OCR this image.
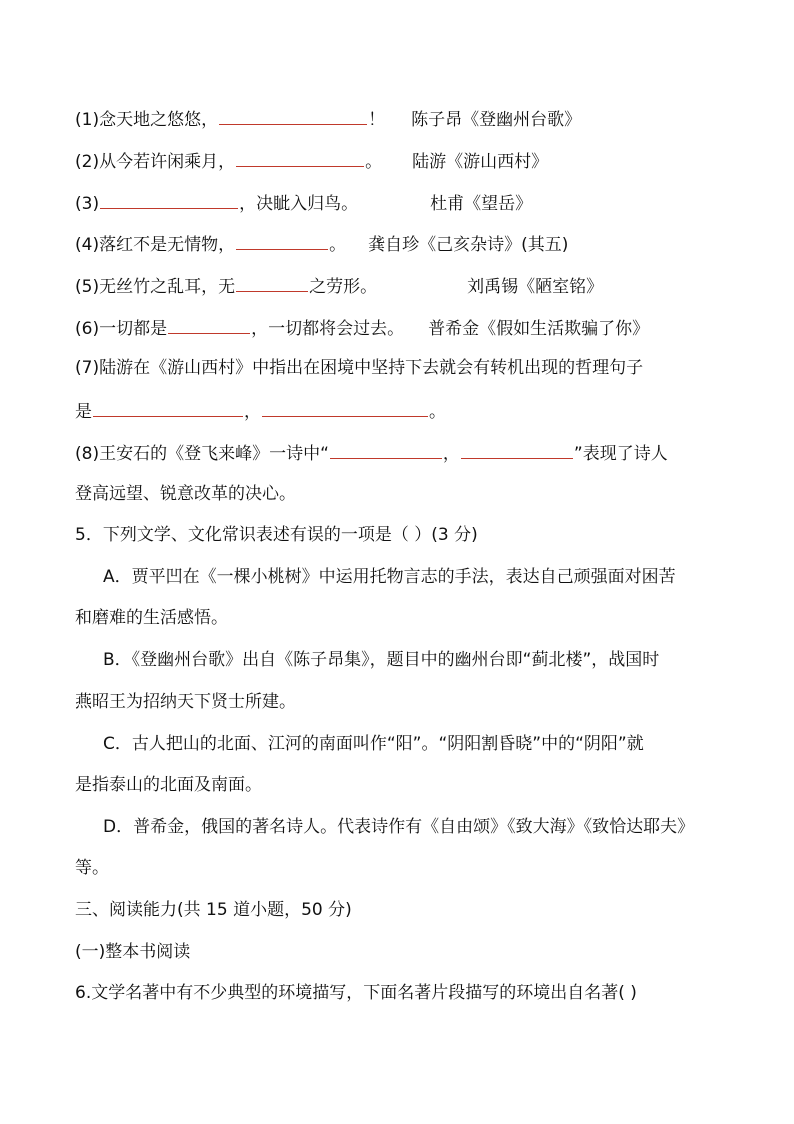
(1)念天地之悠悠，	！ 陈子昂《登幽州台歌》
(2)从今若许闲乘月，	。 陆游《游山西村》
(3)	，决眦入归鸟。	杜甫《望岳》
(4)落红不是无情物，	。 龚自珍《己亥杂诗》(其五)
(5)无丝竹之乱耳，无	之劳形。	刘禹锡《陋室铭》
(6)一切都是	，一切都将会过去。 普希金《假如生活欺骗了你》
(7)陆游在《游山西村》中指出在困境中坚持下去就会有转机出现的哲理句子
是	，	。
(8)王安石的《登飞来峰》一诗中“	，	”表现了诗人
登高远望、锐意改革的决心。
5．下列文学、文化常识表述有误的一项是（ ）(3 分)
A．贾平凹在《一棵小桃树》中运用托物言志的手法，表达自己顽强面对困苦
和磨难的生活感悟。
B．《登幽州台歌》出自《陈子昂集》，题目中的幽州台即“蓟北楼”，战国时
燕昭王为招纳天下贤士所建。
C．古人把山的北面、江河的南面叫作“阳”。“阴阳割昏晓”中的“阴阳”就
是指泰山的北面及南面。
D．普希金，俄国的著名诗人。代表诗作有《自由颂》《致大海》《致恰达耶夫》
等。
三、阅读能力(共 15 道小题，50 分)
(一)整本书阅读
6.文学名著中有不少典型的环境描写，下面名著片段描写的环境出自名著( )
